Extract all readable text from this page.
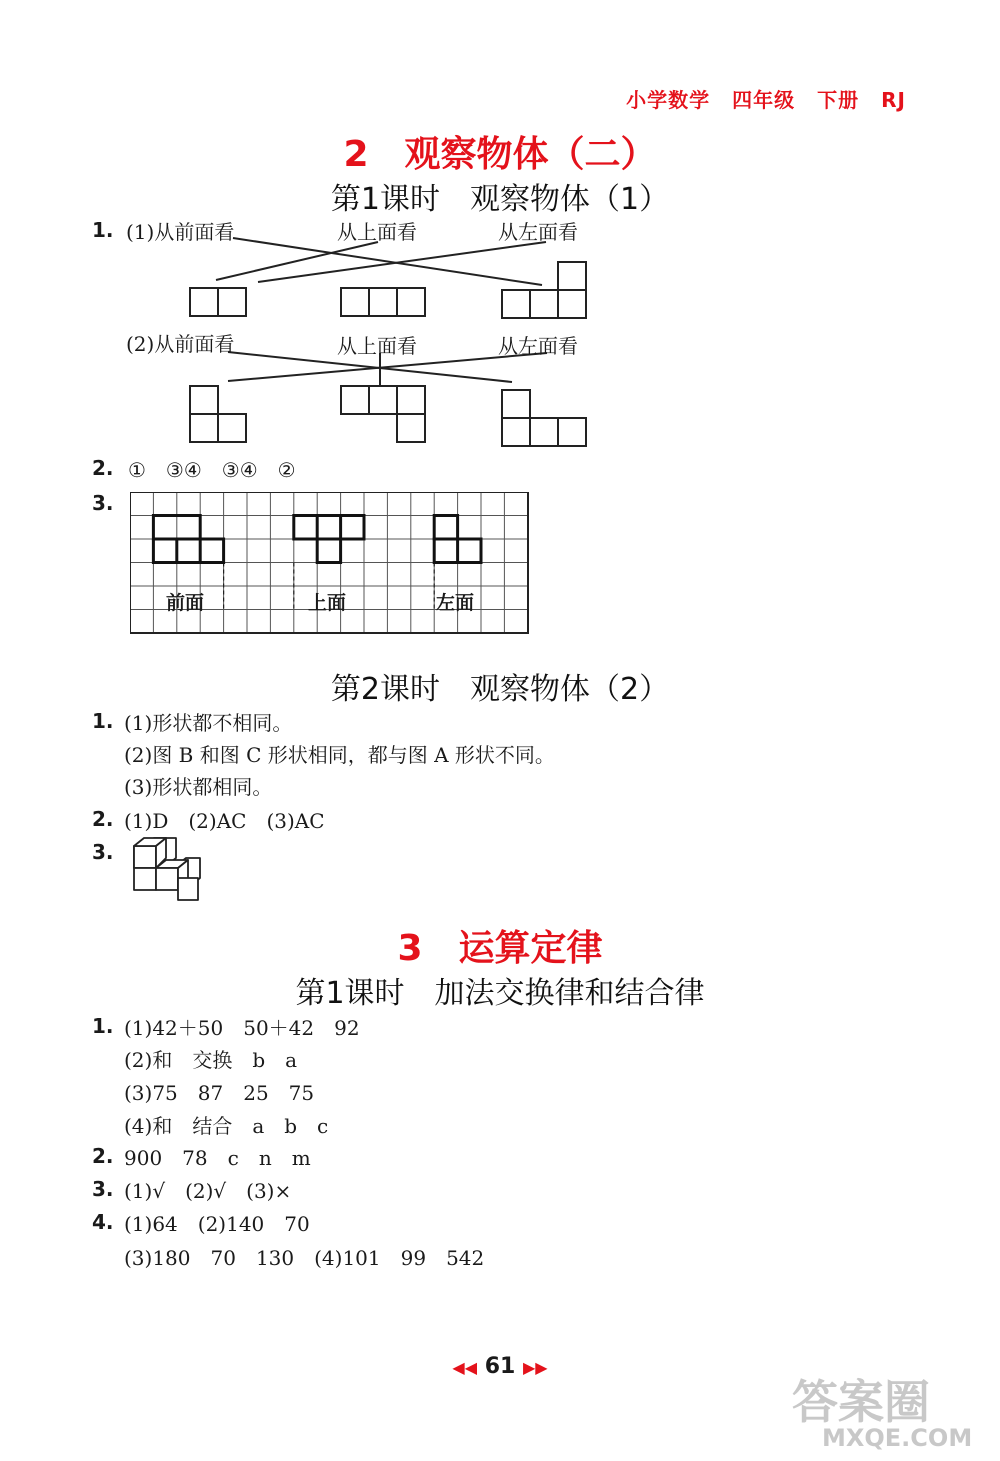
小学数学 四年级 下册 RJ
2　观察物体（二）
第1课时　观察物体（1）
1. (1)从前面看	从上面看	从左面看
(2)从前面看	从上面看	从左面看
2. ①　③④　③④　②
3.
前面	上面	左面
第2课时　观察物体（2）
1. (1)形状都不相同。
(2)图 B 和图 C 形状相同，都与图 A 形状不同。
(3)形状都相同。
2. (1)D　(2)AC　(3)AC
3.
3　运算定律
第1课时　加法交换律和结合律
1. (1)42＋50　50＋42　92
(2)和　交换　b　a
(3)75　87　25　75
(4)和　结合　a　b　c
2. 900　78　c　n　m
3. (1)√　(2)√　(3)×
4. (1)64　(2)140　70
(3)180　70　130　(4)101　99　542
◀◀ 61 ▶▶
答案圈
MXQE.COM
